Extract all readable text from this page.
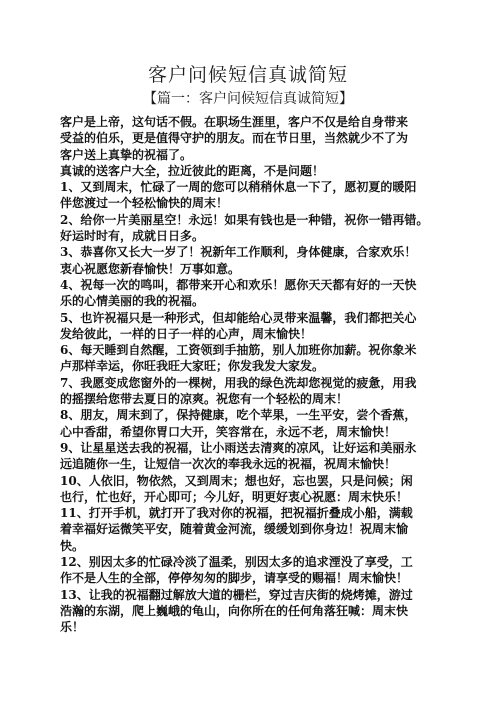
客户问候短信真诚简短
【篇一：客户问候短信真诚简短】
客户是上帝，这句话不假。在职场生涯里，客户不仅是给自身带来
受益的伯乐，更是值得守护的朋友。而在节日里，当然就少不了为
客户送上真挚的祝福了。
真诚的送客户大全，拉近彼此的距离，不是问题！
1、又到周末，忙碌了一周的您可以稍稍休息一下了，愿初夏的暖阳
伴您渡过一个轻松愉快的周末！
2、给你一片美丽星空！永远！如果有钱也是一种错，祝你一错再错。
好运时时有，成就日日多。
3、恭喜你又长大一岁了！祝新年工作顺利，身体健康，合家欢乐！
衷心祝愿您新春愉快！万事如意。
4、祝每一次的鸣叫，都带来开心和欢乐！愿你天天都有好的一天快
乐的心情美丽的我的祝福。
5、也许祝福只是一种形式，但却能给心灵带来温馨，我们都把关心
发给彼此，一样的日子一样的心声，周末愉快！
6、每天睡到自然醒，工资领到手抽筋，别人加班你加薪。祝你象米
卢那样幸运，你旺我旺大家旺；你发我发大家发。
7、我愿变成您窗外的一棵树，用我的绿色洗却您视觉的疲惫，用我
的摇摆给您带去夏日的凉爽。祝您有一个轻松的周末！
8、朋友，周末到了，保持健康，吃个苹果，一生平安，尝个香蕉，
心中香甜，希望你胃口大开，笑容常在，永远不老，周末愉快！
9、让星星送去我的祝福，让小雨送去清爽的凉风，让好运和美丽永
远追随你一生，让短信一次次的奉我永远的祝福，祝周末愉快！
10、人依旧，物依然，又到周末；想也好，忘也罢，只是问候；闲
也行，忙也好，开心即可；今儿好，明更好衷心祝愿：周末快乐！
11、打开手机，就打开了我对你的祝福，把祝福折叠成小船，满载
着幸福好运微笑平安，随着黄金河流，缓缓划到你身边！祝周末愉
快。
12、别因太多的忙碌冷淡了温柔，别因太多的追求湮没了享受，工
作不是人生的全部，停停匆匆的脚步，请享受的赐福！周末愉快！
13、让我的祝福翻过解放大道的栅栏，穿过吉庆街的烧烤摊，游过
浩瀚的东湖，爬上巍峨的龟山，向你所在的任何角落狂喊：周末快
乐！
